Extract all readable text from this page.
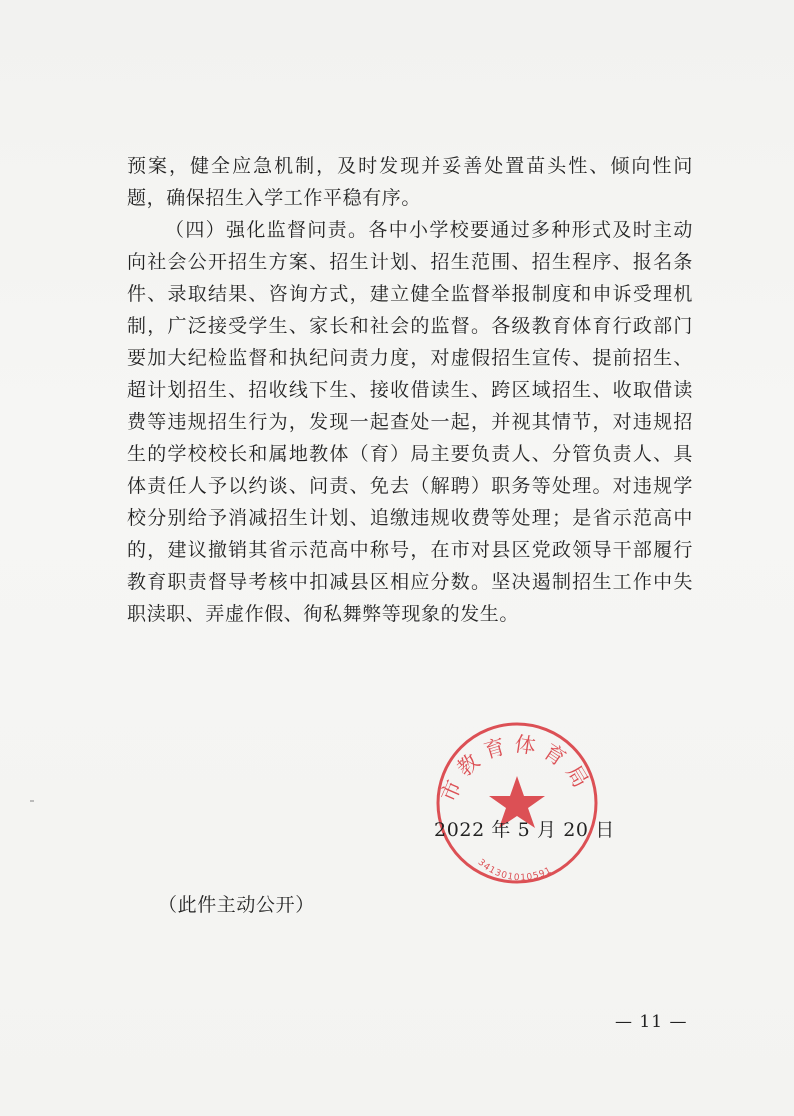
预案，健全应急机制，及时发现并妥善处置苗头性、倾向性问题，确保招生入学工作平稳有序。

（四）强化监督问责。各中小学校要通过多种形式及时主动向社会公开招生方案、招生计划、招生范围、招生程序、报名条件、录取结果、咨询方式，建立健全监督举报制度和申诉受理机制，广泛接受学生、家长和社会的监督。各级教育体育行政部门要加大纪检监督和执纪问责力度，对虚假招生宣传、提前招生、超计划招生、招收线下生、接收借读生、跨区域招生、收取借读费等违规招生行为，发现一起查处一起，并视其情节，对违规招生的学校校长和属地教体（育）局主要负责人、分管负责人、具体责任人予以约谈、问责、免去（解聘）职务等处理。对违规学校分别给予消减招生计划、追缴违规收费等处理；是省示范高中的，建议撤销其省示范高中称号，在市对县区党政领导干部履行教育职责督导考核中扣减县区相应分数。坚决遏制招生工作中失职渎职、弄虚作假、徇私舞弊等现象的发生。

市教育体育局
341301010591
2022 年 5 月 20 日
（此件主动公开）
— 11 —
